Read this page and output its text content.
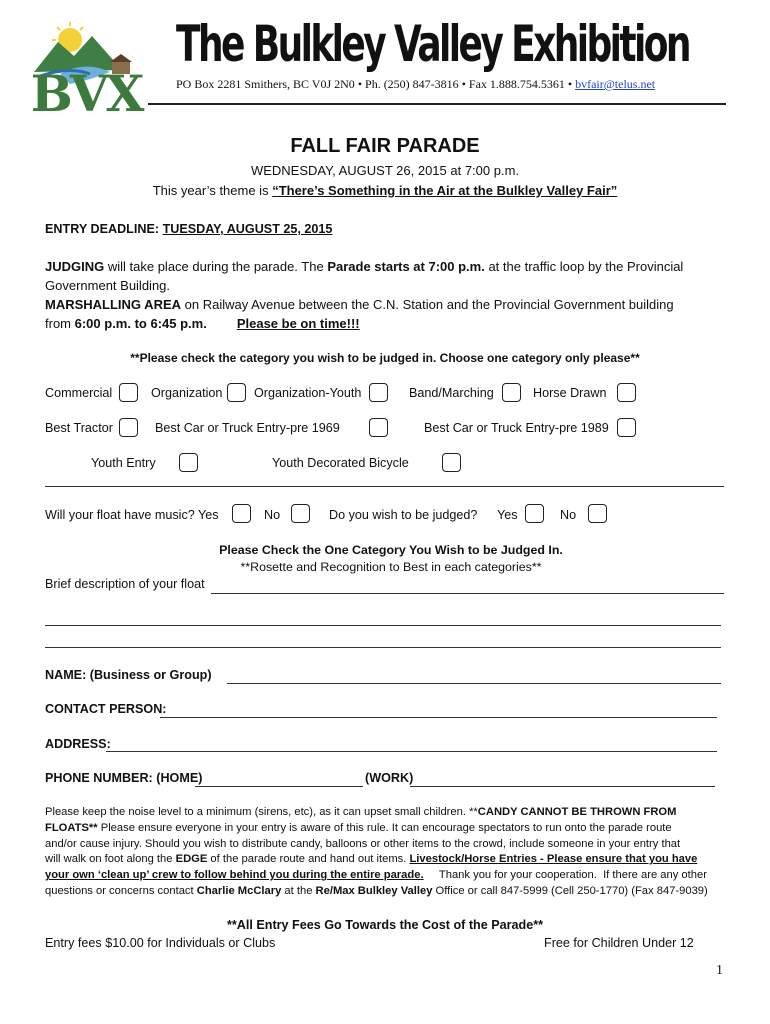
BVX
The Bulkley Valley Exhibition
PO Box 2281 Smithers, BC V0J 2N0 • Ph. (250) 847-3816 • Fax 1.888.754.5361 • bvfair@telus.net
FALL FAIR PARADE
WEDNESDAY, AUGUST 26, 2015 at 7:00 p.m.
This year’s theme is “There’s Something in the Air at the Bulkley Valley Fair”
ENTRY DEADLINE: TUESDAY, AUGUST 25, 2015
JUDGING will take place during the parade. The Parade starts at 7:00 p.m. at the traffic loop by the Provincial
Government Building.
MARSHALLING AREA on Railway Avenue between the C.N. Station and the Provincial Government building
from 6:00 p.m. to 6:45 p.m. Please be on time!!!
**Please check the category you wish to be judged in. Choose one category only please**
Commercial	Organization	Organization-Youth	Band/Marching	Horse Drawn
Best Tractor	Best Car or Truck Entry-pre 1969	Best Car or Truck Entry-pre 1989
Youth Entry	Youth Decorated Bicycle
Will your float have music? Yes	No	Do you wish to be judged? Yes	No
Please Check the One Category You Wish to be Judged In.
**Rosette and Recognition to Best in each categories**
Brief description of your float
NAME: (Business or Group)
CONTACT PERSON:
ADDRESS:
PHONE NUMBER: (HOME)	(WORK)
Please keep the noise level to a minimum (sirens, etc), as it can upset small children. **CANDY CANNOT BE THROWN FROM
FLOATS** Please ensure everyone in your entry is aware of this rule. It can encourage spectators to run onto the parade route
and/or cause injury. Should you wish to distribute candy, balloons or other items to the crowd, include someone in your entry that
will walk on foot along the EDGE of the parade route and hand out items. Livestock/Horse Entries - Please ensure that you have
your own ‘clean up’ crew to follow behind you during the entire parade.     Thank you for your cooperation.  If there are any other
questions or concerns contact Charlie McClary at the Re/Max Bulkley Valley Office or call 847-5999 (Cell 250-1770) (Fax 847-9039)
**All Entry Fees Go Towards the Cost of the Parade**
Entry fees $10.00 for Individuals or Clubs	Free for Children Under 12
1
